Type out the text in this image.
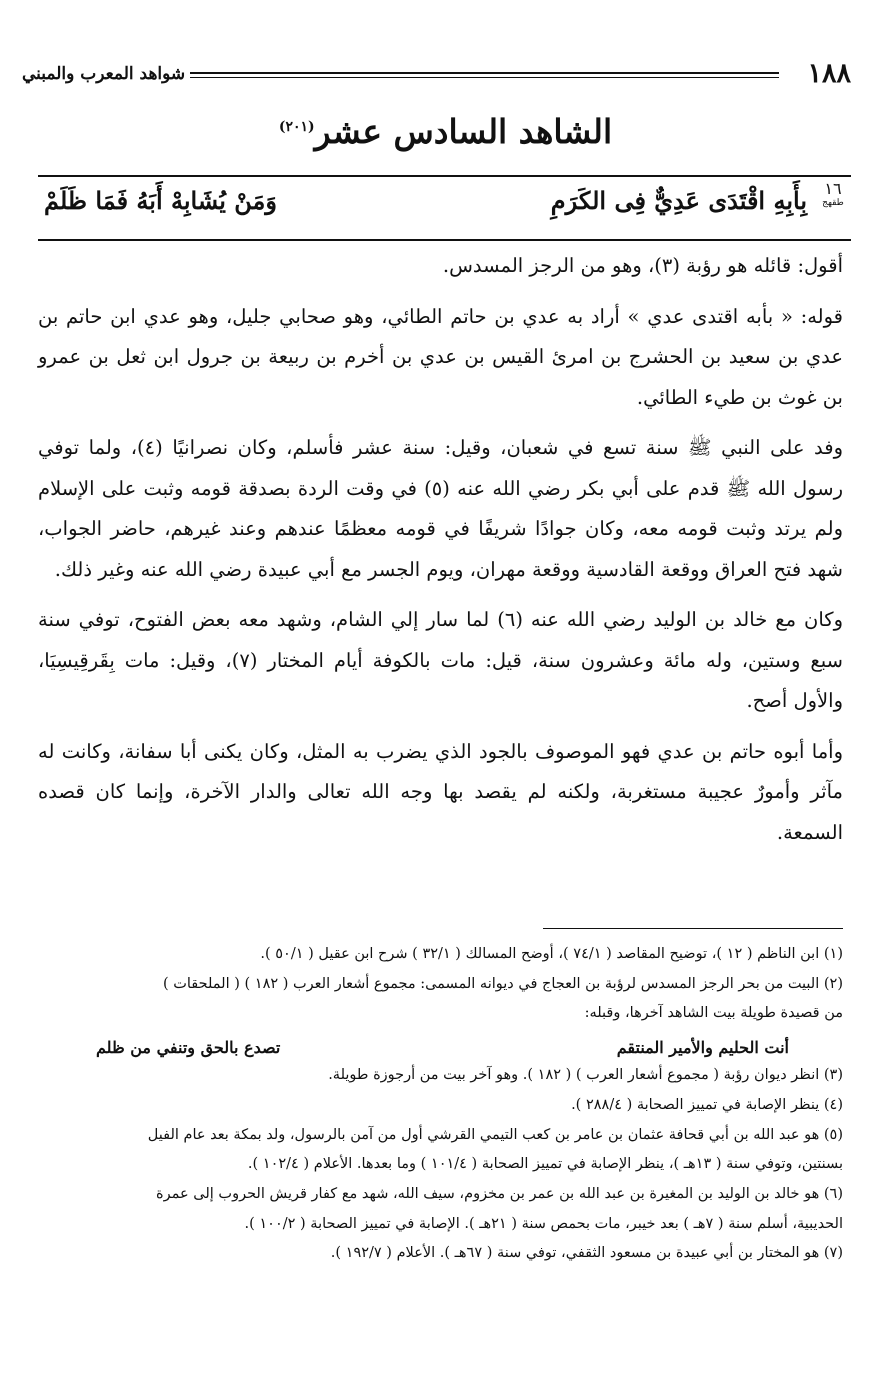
١٨٨
شواهد المعرب والمبني
الشاهد السادس عشر$^{(٢٠١)}$
١٦
طقهج
بِأَبِهِ اقْتَدَى عَدِيٌّ فِى الكَرَمِ
وَمَنْ يُشَابِهْ أَبَهُ فَمَا ظَلَمْ

أقول: قائله هو رؤبة (٣)، وهو من الرجز المسدس.

قوله: « بأبه اقتدى عدي » أراد به عدي بن حاتم الطائي، وهو صحابي جليل، وهو عدي ابن حاتم بن عدي بن سعيد بن الحشرج بن امرئ القيس بن عدي بن أخرم بن ربيعة بن جرول ابن ثعل بن عمرو بن غوث بن طيء الطائي.

وفد على النبي ﷺ سنة تسع في شعبان، وقيل: سنة عشر فأسلم، وكان نصرانيًا (٤)، ولما توفي رسول الله ﷺ قدم على أبي بكر رضي الله عنه (٥) في وقت الردة بصدقة قومه وثبت على الإسلام ولم يرتد وثبت قومه معه، وكان جوادًا شريفًا في قومه معظمًا عندهم وعند غيرهم، حاضر الجواب، شهد فتح العراق ووقعة القادسية ووقعة مهران، ويوم الجسر مع أبي عبيدة رضي الله عنه وغير ذلك.

وكان مع خالد بن الوليد رضي الله عنه (٦) لما سار إلي الشام، وشهد معه بعض الفتوح، توفي سنة سبع وستين، وله مائة وعشرون سنة، قيل: مات بالكوفة أيام المختار (٧)، وقيل: مات بِقَرقِيسِيَا، والأول أصح.

وأما أبوه حاتم بن عدي فهو الموصوف بالجود الذي يضرب به المثل، وكان يكنى أبا سفانة، وكانت له مآثر وأمورٌ عجيبة مستغربة، ولكنه لم يقصد بها وجه الله تعالى والدار الآخرة، وإنما كان قصده السمعة.

(١) ابن الناظم ( ١٢ )، توضيح المقاصد ( ٧٤/١ )، أوضح المسالك ( ٣٢/١ ) شرح ابن عقيل ( ٥٠/١ ).
(٢) البيت من بحر الرجز المسدس لرؤبة بن العجاج في ديوانه المسمى: مجموع أشعار العرب ( ١٨٢ ) ( الملحقات )
من قصيدة طويلة بيت الشاهد آخرها، وقبله:
أنت الحليم والأمير المنتقم
تصدع بالحق وتنفي من ظلم
(٣) انظر ديوان رؤبة ( مجموع أشعار العرب ) ( ١٨٢ ). وهو آخر بيت من أرجوزة طويلة.
(٤) ينظر الإصابة في تمييز الصحابة ( ٢٨٨/٤ ).
(٥) هو عبد الله بن أبي قحافة عثمان بن عامر بن كعب التيمي القرشي أول من آمن بالرسول، ولد بمكة بعد عام الفيل
بسنتين، وتوفي سنة ( ١٣هـ )، ينظر الإصابة في تمييز الصحابة ( ١٠١/٤ ) وما بعدها. الأعلام ( ١٠٢/٤ ).
(٦) هو خالد بن الوليد بن المغيرة بن عبد الله بن عمر بن مخزوم، سيف الله، شهد مع كفار قريش الحروب إلى عمرة
الحديبية، أسلم سنة ( ٧هـ ) بعد خيبر، مات بحمص سنة ( ٢١هـ ). الإصابة في تمييز الصحابة ( ١٠٠/٢ ).
(٧) هو المختار بن أبي عبيدة بن مسعود الثقفي، توفي سنة ( ٦٧هـ ). الأعلام ( ١٩٢/٧ ).
